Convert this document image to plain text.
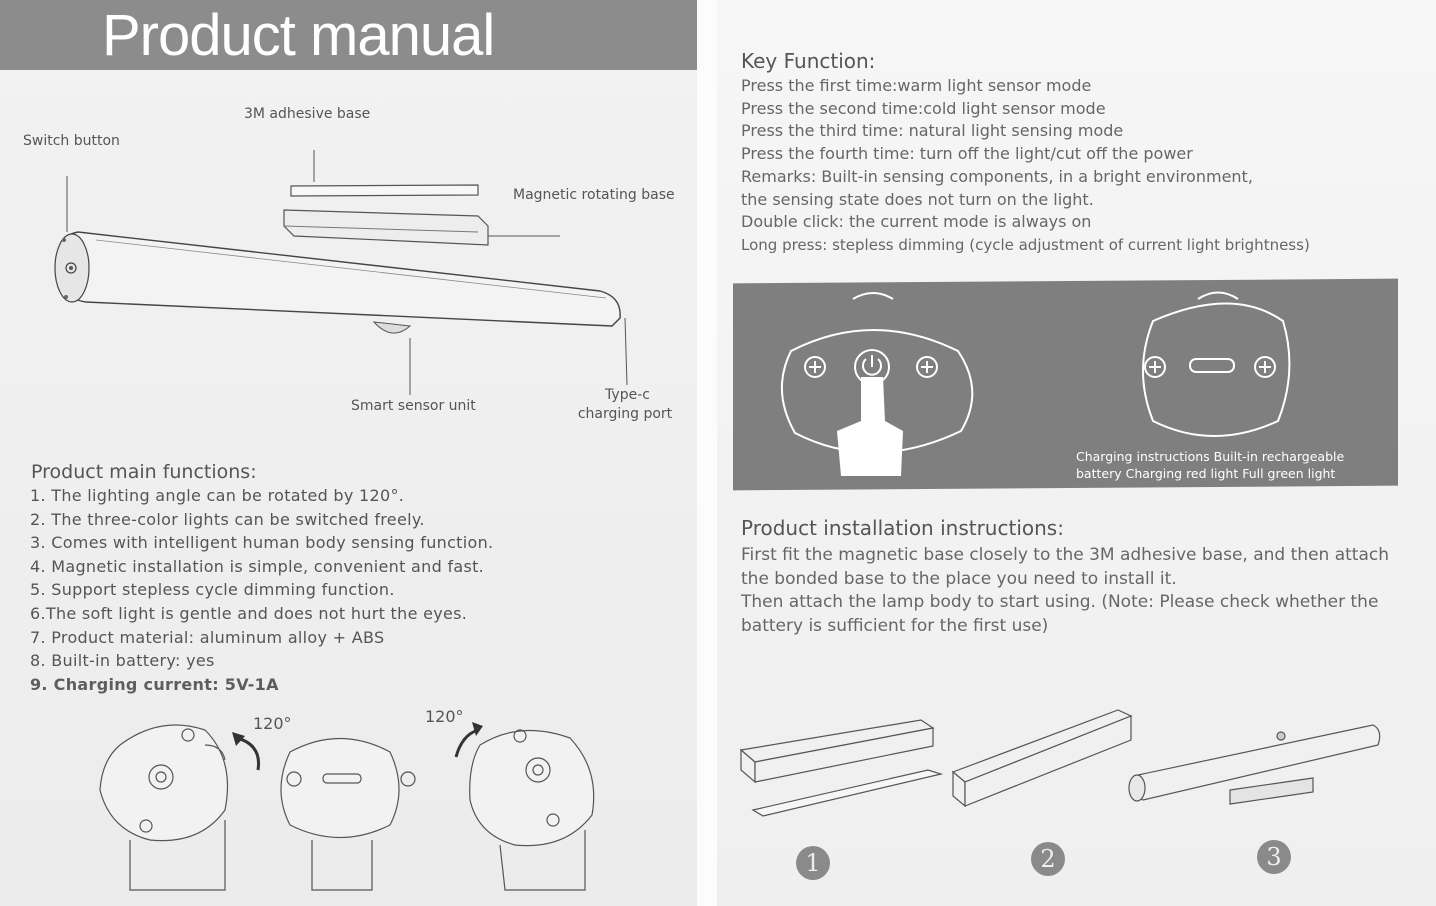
Product manual
Switch button
3M adhesive base
Magnetic rotating base
Smart sensor unit
Type-c
charging port
Product main functions:
1. The lighting angle can be rotated by 120°.
2. The three-color lights can be switched freely.
3. Comes with intelligent human body sensing function.
4. Magnetic installation is simple, convenient and fast.
5. Support stepless cycle dimming function.
6.The soft light is gentle and does not hurt the eyes.
7. Product material: aluminum alloy + ABS
8. Built-in battery: yes
9. Charging current: 5V-1A
120°	120°
Key Function:
Press the first time:warm light sensor mode
Press the second time:cold light sensor mode
Press the third time: natural light sensing mode
Press the fourth time: turn off the light/cut off the power
Remarks: Built-in sensing components, in a bright environment,
the sensing state does not turn on the light.
Double click: the current mode is always on
Long press: stepless dimming (cycle adjustment of current light brightness)
Charging instructions Built-in rechargeable
battery Charging red light Full green light
Product installation instructions:

First fit the magnetic base closely to the 3M adhesive base, and then attach

the bonded base to the place you need to install it.

Then attach the lamp body to start using. (Note: Please check whether the

battery is sufficient for the first use)

1	2	3
